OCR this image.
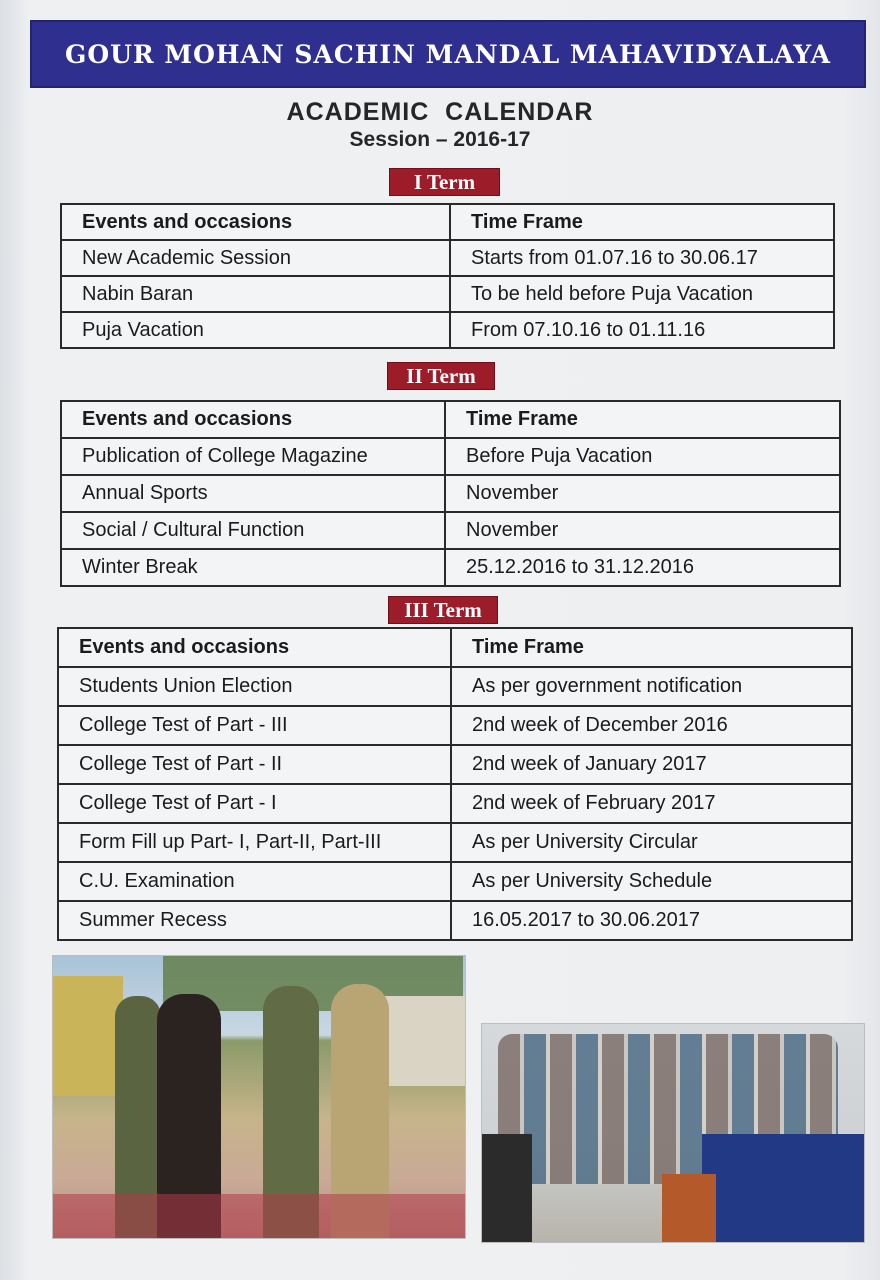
GOUR MOHAN SACHIN MANDAL MAHAVIDYALAYA
ACADEMIC  CALENDAR
Session – 2016-17
I Term
Events and occasions	Time Frame
New Academic Session	Starts from 01.07.16 to 30.06.17
Nabin Baran	To be held before Puja Vacation
Puja Vacation	From 07.10.16 to 01.11.16
II Term
Events and occasions	Time Frame
Publication of College Magazine	Before Puja Vacation
Annual Sports	November
Social / Cultural Function	November
Winter Break	25.12.2016 to 31.12.2016
III Term
Events and occasions	Time Frame
Students Union Election	As per government notification
College Test of Part - III	2nd week of December 2016
College Test of Part - II	2nd week of January 2017
College Test of Part - I	2nd week of February 2017
Form Fill up Part- I, Part-II, Part-III	As per University Circular
C.U. Examination	As per University Schedule
Summer Recess	16.05.2017 to 30.06.2017
